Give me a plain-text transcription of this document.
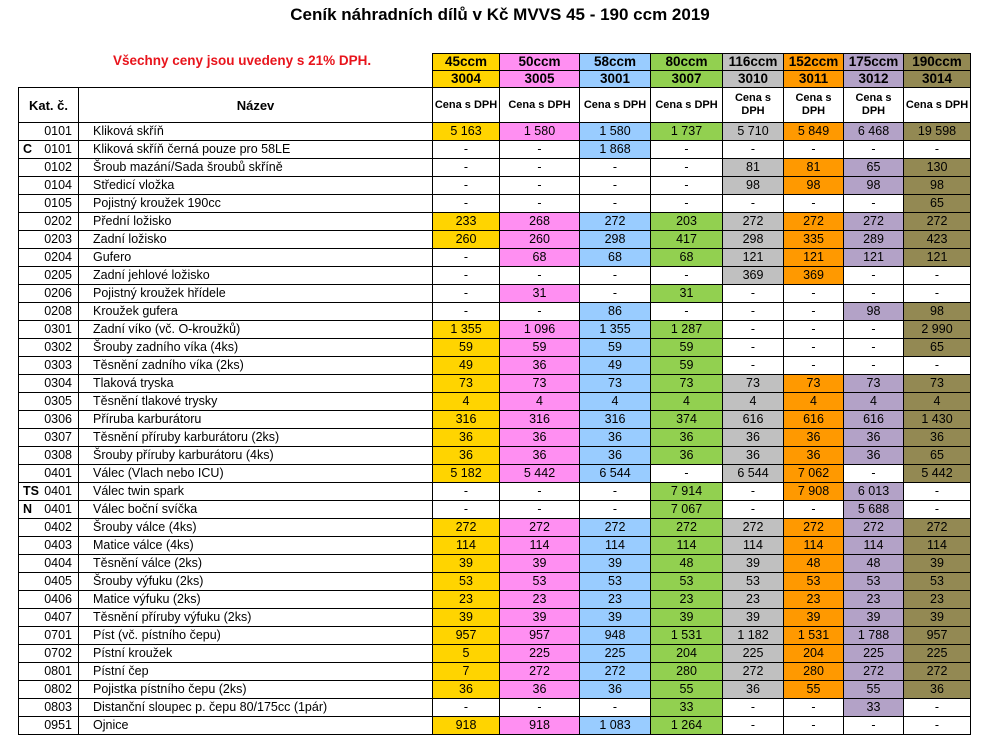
Ceník náhradních dílů v Kč MVVS 45 - 190 ccm 2019
Všechny ceny jsou uvedeny s 21% DPH.
		45ccm	50ccm	58ccm	80ccm	116ccm	152ccm	175ccm	190ccm
		3004	3005	3001	3007	3010	3011	3012	3014
Kat. č.	Název	Cena s DPH	Cena s DPH	Cena s DPH	Cena s DPH	Cena s DPH	Cena s DPH	Cena s DPH	Cena s DPH
0101	Kliková skříň	5 163	1 580	1 580	1 737	5 710	5 849	6 468	19 598

C 0101	Kliková skříň černá pouze pro 58LE	-	-	1 868	-	-	-	-	-
0102	Šroub mazání/Sada šroubů skříně	-	-	-	-	81	81	65	130
0104	Středicí vložka	-	-	-	-	98	98	98	98
0105	Pojistný kroužek 190cc	-	-	-	-	-	-	-	65
0202	Přední ložisko	233	268	272	203	272	272	272	272
0203	Zadní ložisko	260	260	298	417	298	335	289	423
0204	Gufero	-	68	68	68	121	121	121	121
0205	Zadní jehlové ložisko	-	-	-	-	369	369	-	-
0206	Pojistný kroužek hřídele	-	31	-	31	-	-	-	-
0208	Kroužek gufera	-	-	86	-	-	-	98	98
0301	Zadní víko (vč. O-kroužků)	1 355	1 096	1 355	1 287	-	-	-	2 990
0302	Šrouby zadního víka (4ks)	59	59	59	59	-	-	-	65
0303	Těsnění zadního víka (2ks)	49	36	49	59	-	-	-	-
0304	Tlaková tryska	73	73	73	73	73	73	73	73
0305	Těsnění tlakové trysky	4	4	4	4	4	4	4	4
0306	Příruba karburátoru	316	316	316	374	616	616	616	1 430
0307	Těsnění příruby karburátoru (2ks)	36	36	36	36	36	36	36	36
0308	Šrouby příruby karburátoru (4ks)	36	36	36	36	36	36	36	65
0401	Válec (Vlach nebo ICU)	5 182	5 442	6 544	-	6 544	7 062	-	5 442

TS 0401	Válec twin spark	-	-	-	7 914	-	7 908	6 013	-

N 0401	Válec boční svíčka	-	-	-	7 067	-	-	5 688	-
0402	Šrouby válce (4ks)	272	272	272	272	272	272	272	272
0403	Matice válce (4ks)	114	114	114	114	114	114	114	114
0404	Těsnění válce (2ks)	39	39	39	48	39	48	48	39
0405	Šrouby výfuku (2ks)	53	53	53	53	53	53	53	53
0406	Matice výfuku (2ks)	23	23	23	23	23	23	23	23
0407	Těsnění příruby výfuku (2ks)	39	39	39	39	39	39	39	39
0701	Píst (vč. pístního čepu)	957	957	948	1 531	1 182	1 531	1 788	957
0702	Pístní kroužek	5	225	225	204	225	204	225	225
0801	Pístní čep	7	272	272	280	272	280	272	272
0802	Pojistka pístního čepu (2ks)	36	36	36	55	36	55	55	36
0803	Distanční sloupec p. čepu 80/175cc (1pár)	-	-	-	33	-	-	33	-
0951	Ojnice	918	918	1 083	1 264	-	-	-	-
